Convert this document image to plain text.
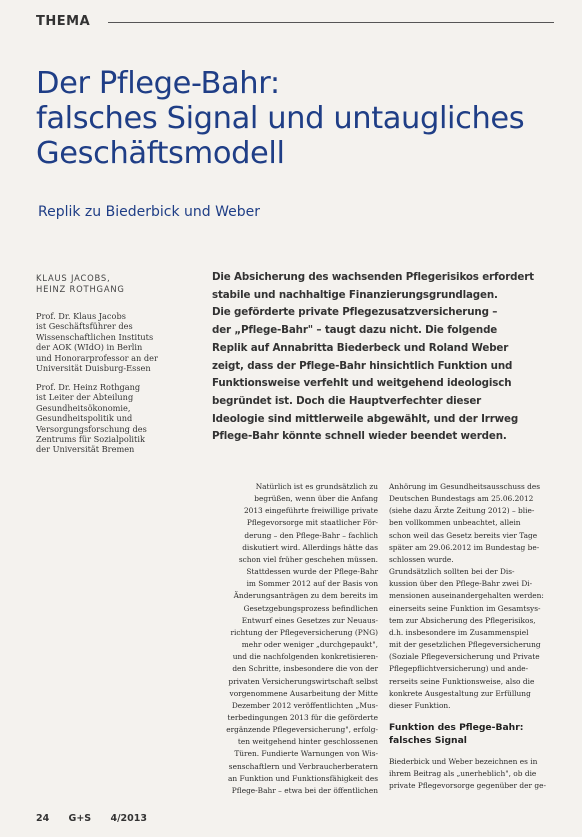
THEMA
Der Pflege-Bahr:
falsches Signal und untaugliches
Geschäftsmodell
Replik zu Biederbick und Weber
KLAUS JACOBS,
HEINZ ROTHGANG
Prof. Dr. Klaus Jacobs
ist Geschäftsführer des
Wissenschaftlichen Instituts
der AOK (WIdO) in Berlin
und Honorarprofessor an der
Universität Duisburg-Essen
Prof. Dr. Heinz Rothgang
ist Leiter der Abteilung
Gesundheitsökonomie,
Gesundheitspolitik und
Versorgungsforschung des
Zentrums für Sozialpolitik
der Universität Bremen
Die Absicherung des wachsenden Pflegerisikos erfordert
stabile und nachhaltige Finanzierungsgrundlagen.
Die geförderte private Pflegezusatzversicherung –
der „Pflege-Bahr" – taugt dazu nicht. Die folgende
Replik auf Annabritta Biederbeck und Roland Weber
zeigt, dass der Pflege-Bahr hinsichtlich Funktion und
Funktionsweise verfehlt und weitgehend ideologisch
begründet ist. Doch die Hauptverfechter dieser
Ideologie sind mittlerweile abgewählt, und der Irrweg
Pflege-Bahr könnte schnell wieder beendet werden.
Natürlich ist es grundsätzlich zu
begrüßen, wenn über die Anfang
2013 eingeführte freiwillige private
Pflegevorsorge mit staatlicher För-
derung – den Pflege-Bahr – fachlich
diskutiert wird. Allerdings hätte das
schon viel früher geschehen müssen.
Stattdessen wurde der Pflege-Bahr
im Sommer 2012 auf der Basis von
Änderungsanträgen zu dem bereits im
Gesetzgebungsprozess befindlichen
Entwurf eines Gesetzes zur Neuaus-
richtung der Pflegeversicherung (PNG)
mehr oder weniger „durchgepaukt",
und die nachfolgenden konkretisieren-
den Schritte, insbesondere die von der
privaten Versicherungswirtschaft selbst
vorgenommene Ausarbeitung der Mitte
Dezember 2012 veröffentlichten „Mus-
terbedingungen 2013 für die geförderte
ergänzende Pflegeversicherung", erfolg-
ten weitgehend hinter geschlossenen
Türen. Fundierte Warnungen von Wis-
senschaftlern und Verbraucherberatern
an Funktion und Funktionsfähigkeit des
Pflege-Bahr – etwa bei der öffentlichen
Anhörung im Gesundheitsausschuss des
Deutschen Bundestags am 25.06.2012
(siehe dazu Ärzte Zeitung 2012) – blie-
ben vollkommen unbeachtet, allein
schon weil das Gesetz bereits vier Tage
später am 29.06.2012 im Bundestag be-
schlossen wurde.
Grundsätzlich sollten bei der Dis-
kussion über den Pflege-Bahr zwei Di-
mensionen auseinandergehalten werden:
einerseits seine Funktion im Gesamtsys-
tem zur Absicherung des Pflegerisikos,
d.h. insbesondere im Zusammenspiel
mit der gesetzlichen Pflegeversicherung
(Soziale Pflegeversicherung und Private
Pflegepflichtversicherung) und ande-
rerseits seine Funktionsweise, also die
konkrete Ausgestaltung zur Erfüllung
dieser Funktion.
Funktion des Pflege-Bahr:
falsches Signal
Biederbick und Weber bezeichnen es in
ihrem Beitrag als „unerheblich", ob die
private Pflegevorsorge gegenüber der ge-
24 G+S 4/2013
